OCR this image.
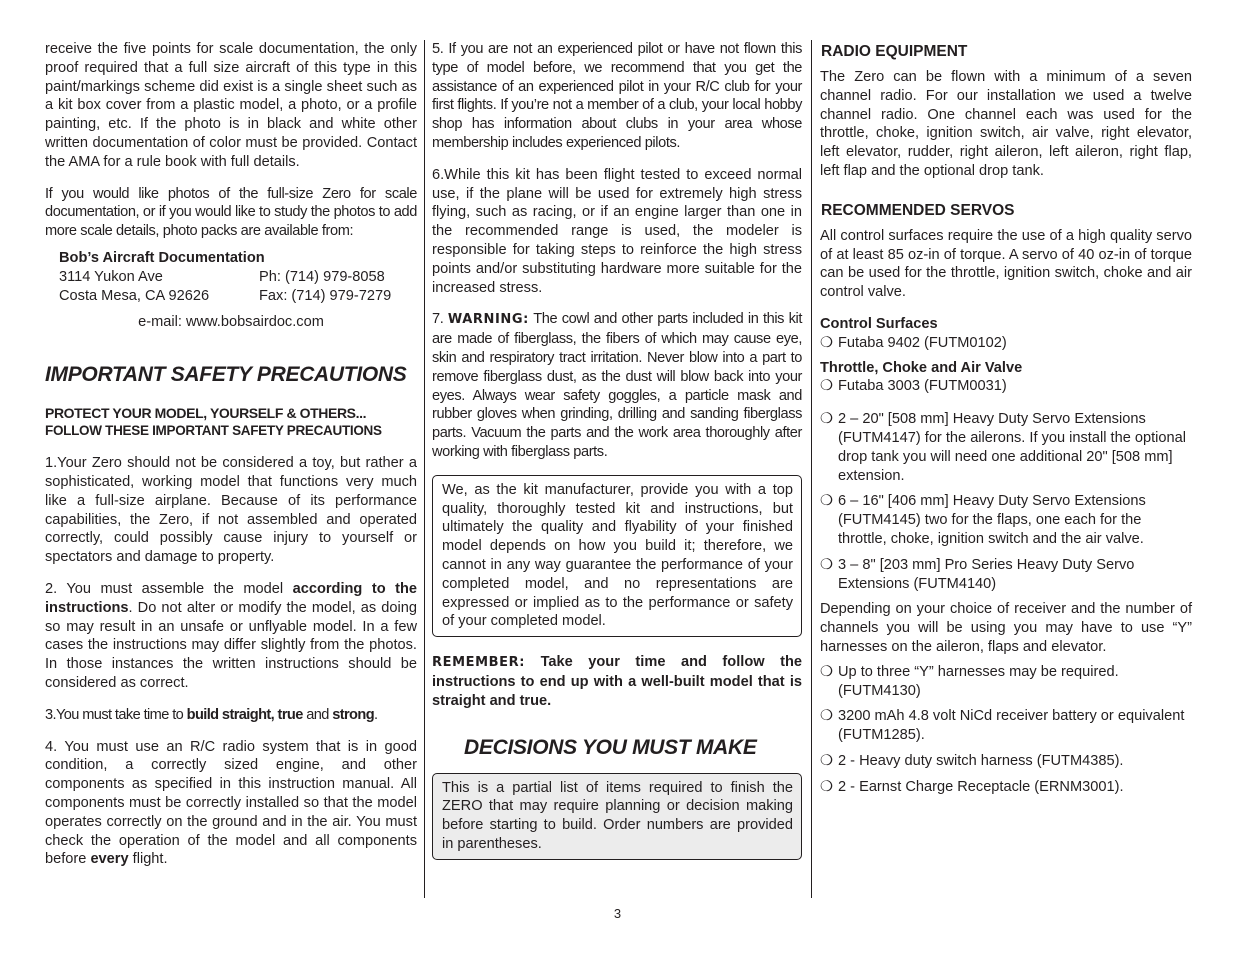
receive the five points for scale documentation, the only proof required that a full size aircraft of this type in this paint/markings scheme did exist is a single sheet such as a kit box cover from a plastic model, a photo, or a profile painting, etc. If the photo is in black and white other written documentation of color must be provided. Contact the AMA for a rule book with full details.

If you would like photos of the full-size Zero for scale documentation, or if you would like to study the photos to add more scale details, photo packs are available from:

Bob’s Aircraft Documentation
3114 Yukon Ave	Ph: (714) 979-8058
Costa Mesa, CA 92626	Fax: (714) 979-7279
e-mail: www.bobsairdoc.com
IMPORTANT SAFETY PRECAUTIONS
PROTECT YOUR MODEL, YOURSELF & OTHERS...
FOLLOW THESE IMPORTANT SAFETY PRECAUTIONS

1.Your Zero should not be considered a toy, but rather a sophisticated, working model that functions very much like a full-size airplane. Because of its performance capabilities, the Zero, if not assembled and operated correctly, could possibly cause injury to yourself or spectators and damage to property.

2. You must assemble the model according to the instructions. Do not alter or modify the model, as doing so may result in an unsafe or unflyable model. In a few cases the instructions may differ slightly from the photos. In those instances the written instructions should be considered as correct.

3.You must take time to build straight, true and strong.

4. You must use an R/C radio system that is in good condition, a correctly sized engine, and other components as specified in this instruction manual. All components must be correctly installed so that the model operates correctly on the ground and in the air. You must check the operation of the model and all components before every flight.

5. If you are not an experienced pilot or have not flown this type of model before, we recommend that you get the assistance of an experienced pilot in your R/C club for your first flights. If you’re not a member of a club, your local hobby shop has information about clubs in your area whose membership includes experienced pilots.

6.While this kit has been flight tested to exceed normal use, if the plane will be used for extremely high stress flying, such as racing, or if an engine larger than one in the recommended range is used, the modeler is responsible for taking steps to reinforce the high stress points and/or substituting hardware more suitable for the increased stress.

7. WARNING: The cowl and other parts included in this kit are made of fiberglass, the fibers of which may cause eye, skin and respiratory tract irritation. Never blow into a part to remove fiberglass dust, as the dust will blow back into your eyes. Always wear safety goggles, a particle mask and rubber gloves when grinding, drilling and sanding fiberglass parts. Vacuum the parts and the work area thoroughly after working with fiberglass parts.

We, as the kit manufacturer, provide you with a top quality, thoroughly tested kit and instructions, but ultimately the quality and flyability of your finished model depends on how you build it; therefore, we cannot in any way guarantee the performance of your completed model, and no representations are expressed or implied as to the performance or safety of your completed model.

REMEMBER: Take your time and follow the instructions to end up with a well-built model that is straight and true.

DECISIONS YOU MUST MAKE

This is a partial list of items required to finish the ZERO that may require planning or decision making before starting to build. Order numbers are provided in parentheses.

RADIO EQUIPMENT

The Zero can be flown with a minimum of a seven channel radio. For our installation we used a twelve channel radio. One channel each was used for the throttle, choke, ignition switch, air valve, right elevator, left elevator, rudder, right aileron, left aileron, right flap, left flap and the optional drop tank.

RECOMMENDED SERVOS

All control surfaces require the use of a high quality servo of at least 85 oz-in of torque. A servo of 40 oz-in of torque can be used for the throttle, ignition switch, choke and air control valve.

Control Surfaces
❍ Futaba 9402 (FUTM0102)
Throttle, Choke and Air Valve
❍ Futaba 3003 (FUTM0031)
❍ 2 – 20" [508 mm] Heavy Duty Servo Extensions (FUTM4147) for the ailerons. If you install the optional drop tank you will need one additional 20" [508 mm] extension.
❍ 6 – 16" [406 mm] Heavy Duty Servo Extensions (FUTM4145) two for the flaps, one each for the throttle, choke, ignition switch and the air valve.
❍ 3 – 8" [203 mm] Pro Series Heavy Duty Servo Extensions (FUTM4140)

Depending on your choice of receiver and the number of channels you will be using you may have to use “Y” harnesses on the aileron, flaps and elevator.

❍ Up to three “Y” harnesses may be required. (FUTM4130)
❍ 3200 mAh 4.8 volt NiCd receiver battery or equivalent (FUTM1285).
❍ 2 - Heavy duty switch harness (FUTM4385).
❍ 2 - Earnst Charge Receptacle (ERNM3001).
3
